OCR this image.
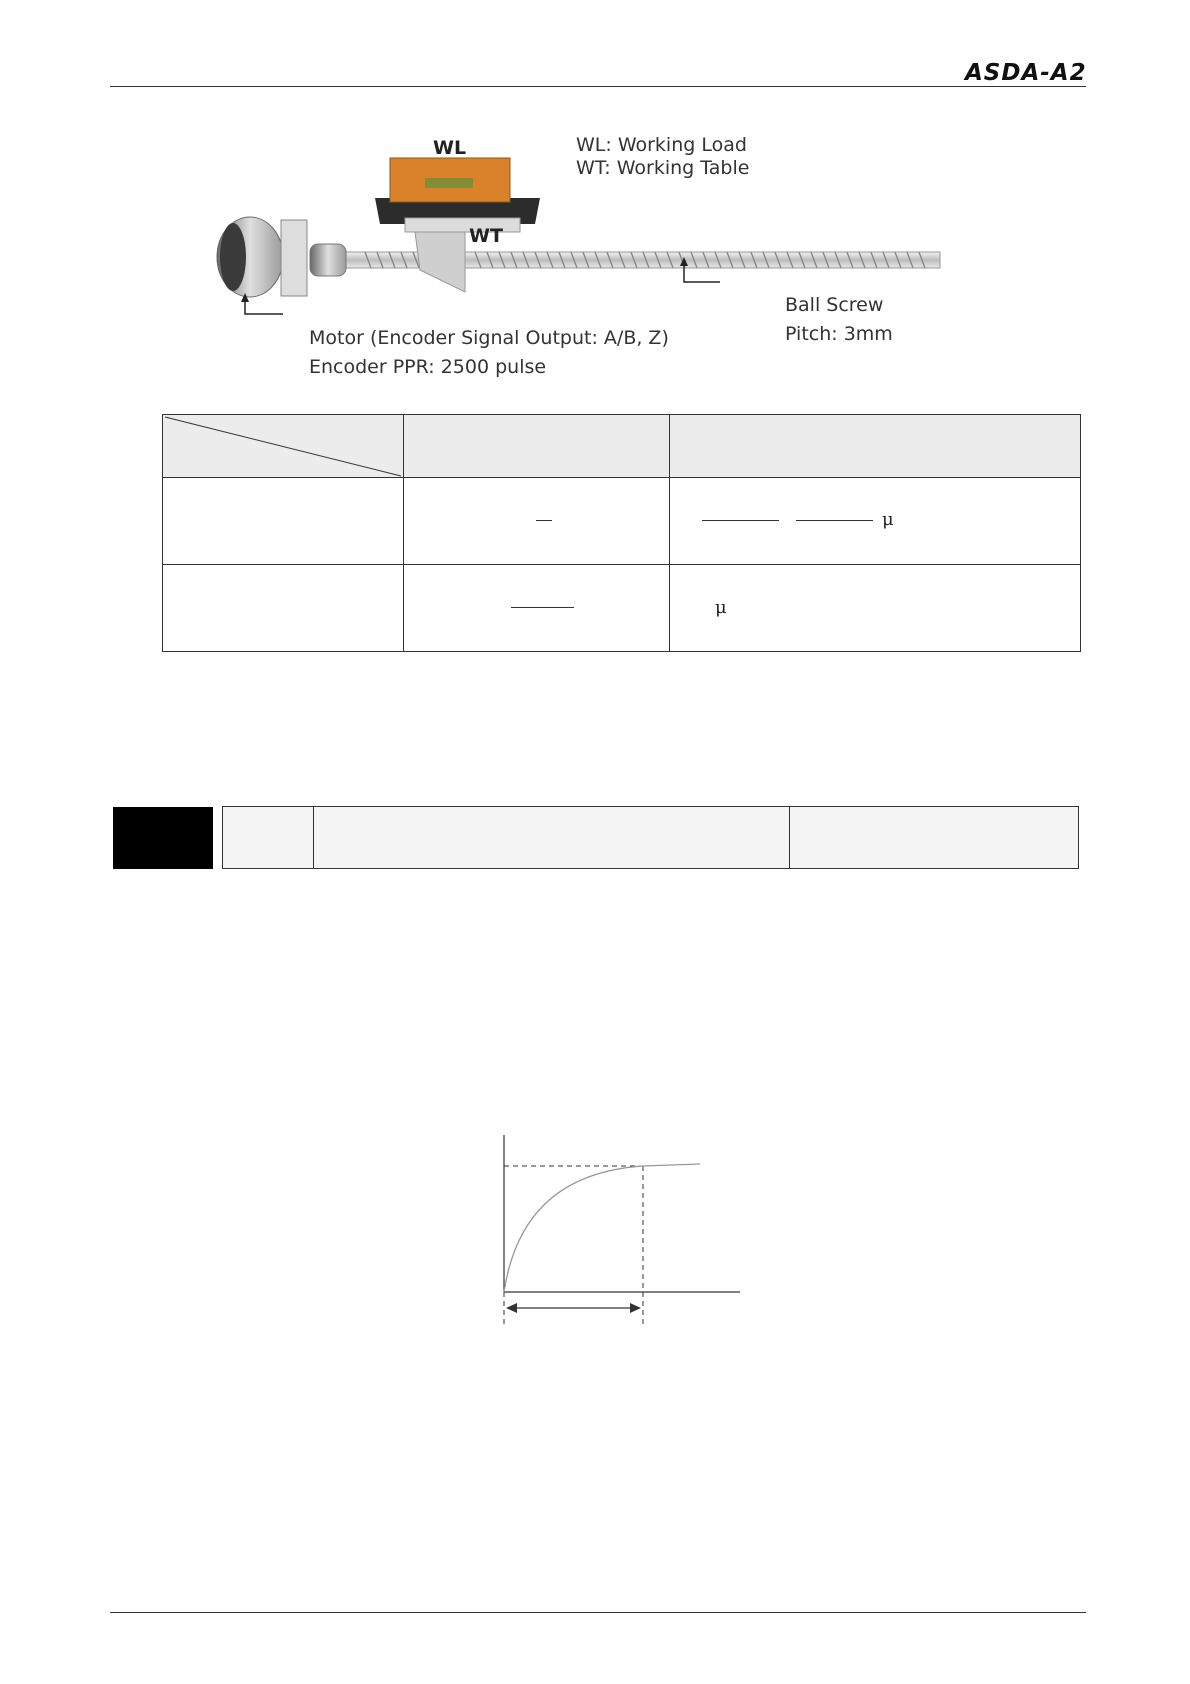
ASDA-A2
WL
WT
WL: Working Load
WT: Working Table
Ball Screw
Pitch: 3mm
Motor (Encoder Signal Output: A/B, Z)
Encoder PPR: 2500 pulse

μ
μ
